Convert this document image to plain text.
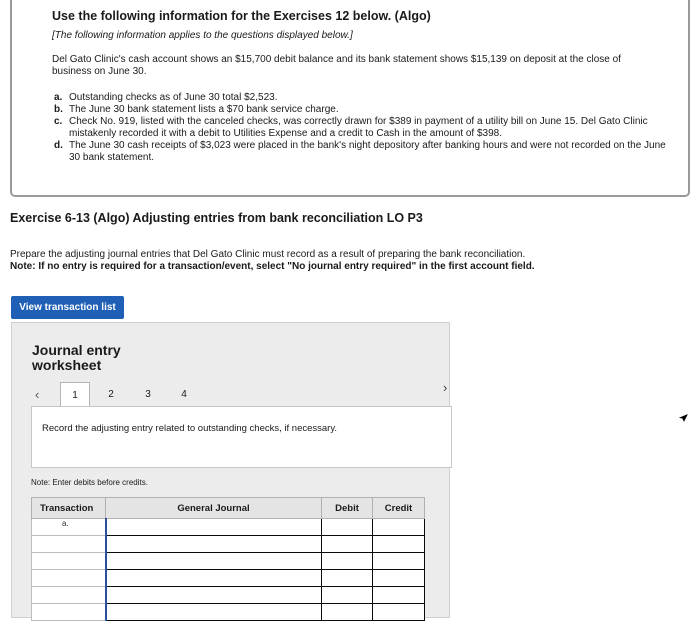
Use the following information for the Exercises 12 below. (Algo)
[The following information applies to the questions displayed below.]
Del Gato Clinic's cash account shows an $15,700 debit balance and its bank statement shows $15,139 on deposit at the close of business on June 30.
a. Outstanding checks as of June 30 total $2,523.
b. The June 30 bank statement lists a $70 bank service charge.
c. Check No. 919, listed with the canceled checks, was correctly drawn for $389 in payment of a utility bill on June 15. Del Gato Clinic mistakenly recorded it with a debit to Utilities Expense and a credit to Cash in the amount of $398.
d. The June 30 cash receipts of $3,023 were placed in the bank's night depository after banking hours and were not recorded on the June 30 bank statement.
Exercise 6-13 (Algo) Adjusting entries from bank reconciliation LO P3
Prepare the adjusting journal entries that Del Gato Clinic must record as a result of preparing the bank reconciliation.
Note: If no entry is required for a transaction/event, select "No journal entry required" in the first account field.
View transaction list
Journal entry worksheet
‹	1	2	3	4
Record the adjusting entry related to outstanding checks, if necessary.
Note: Enter debits before credits.
Transaction	General Journal	Debit	Credit
a.			

›
